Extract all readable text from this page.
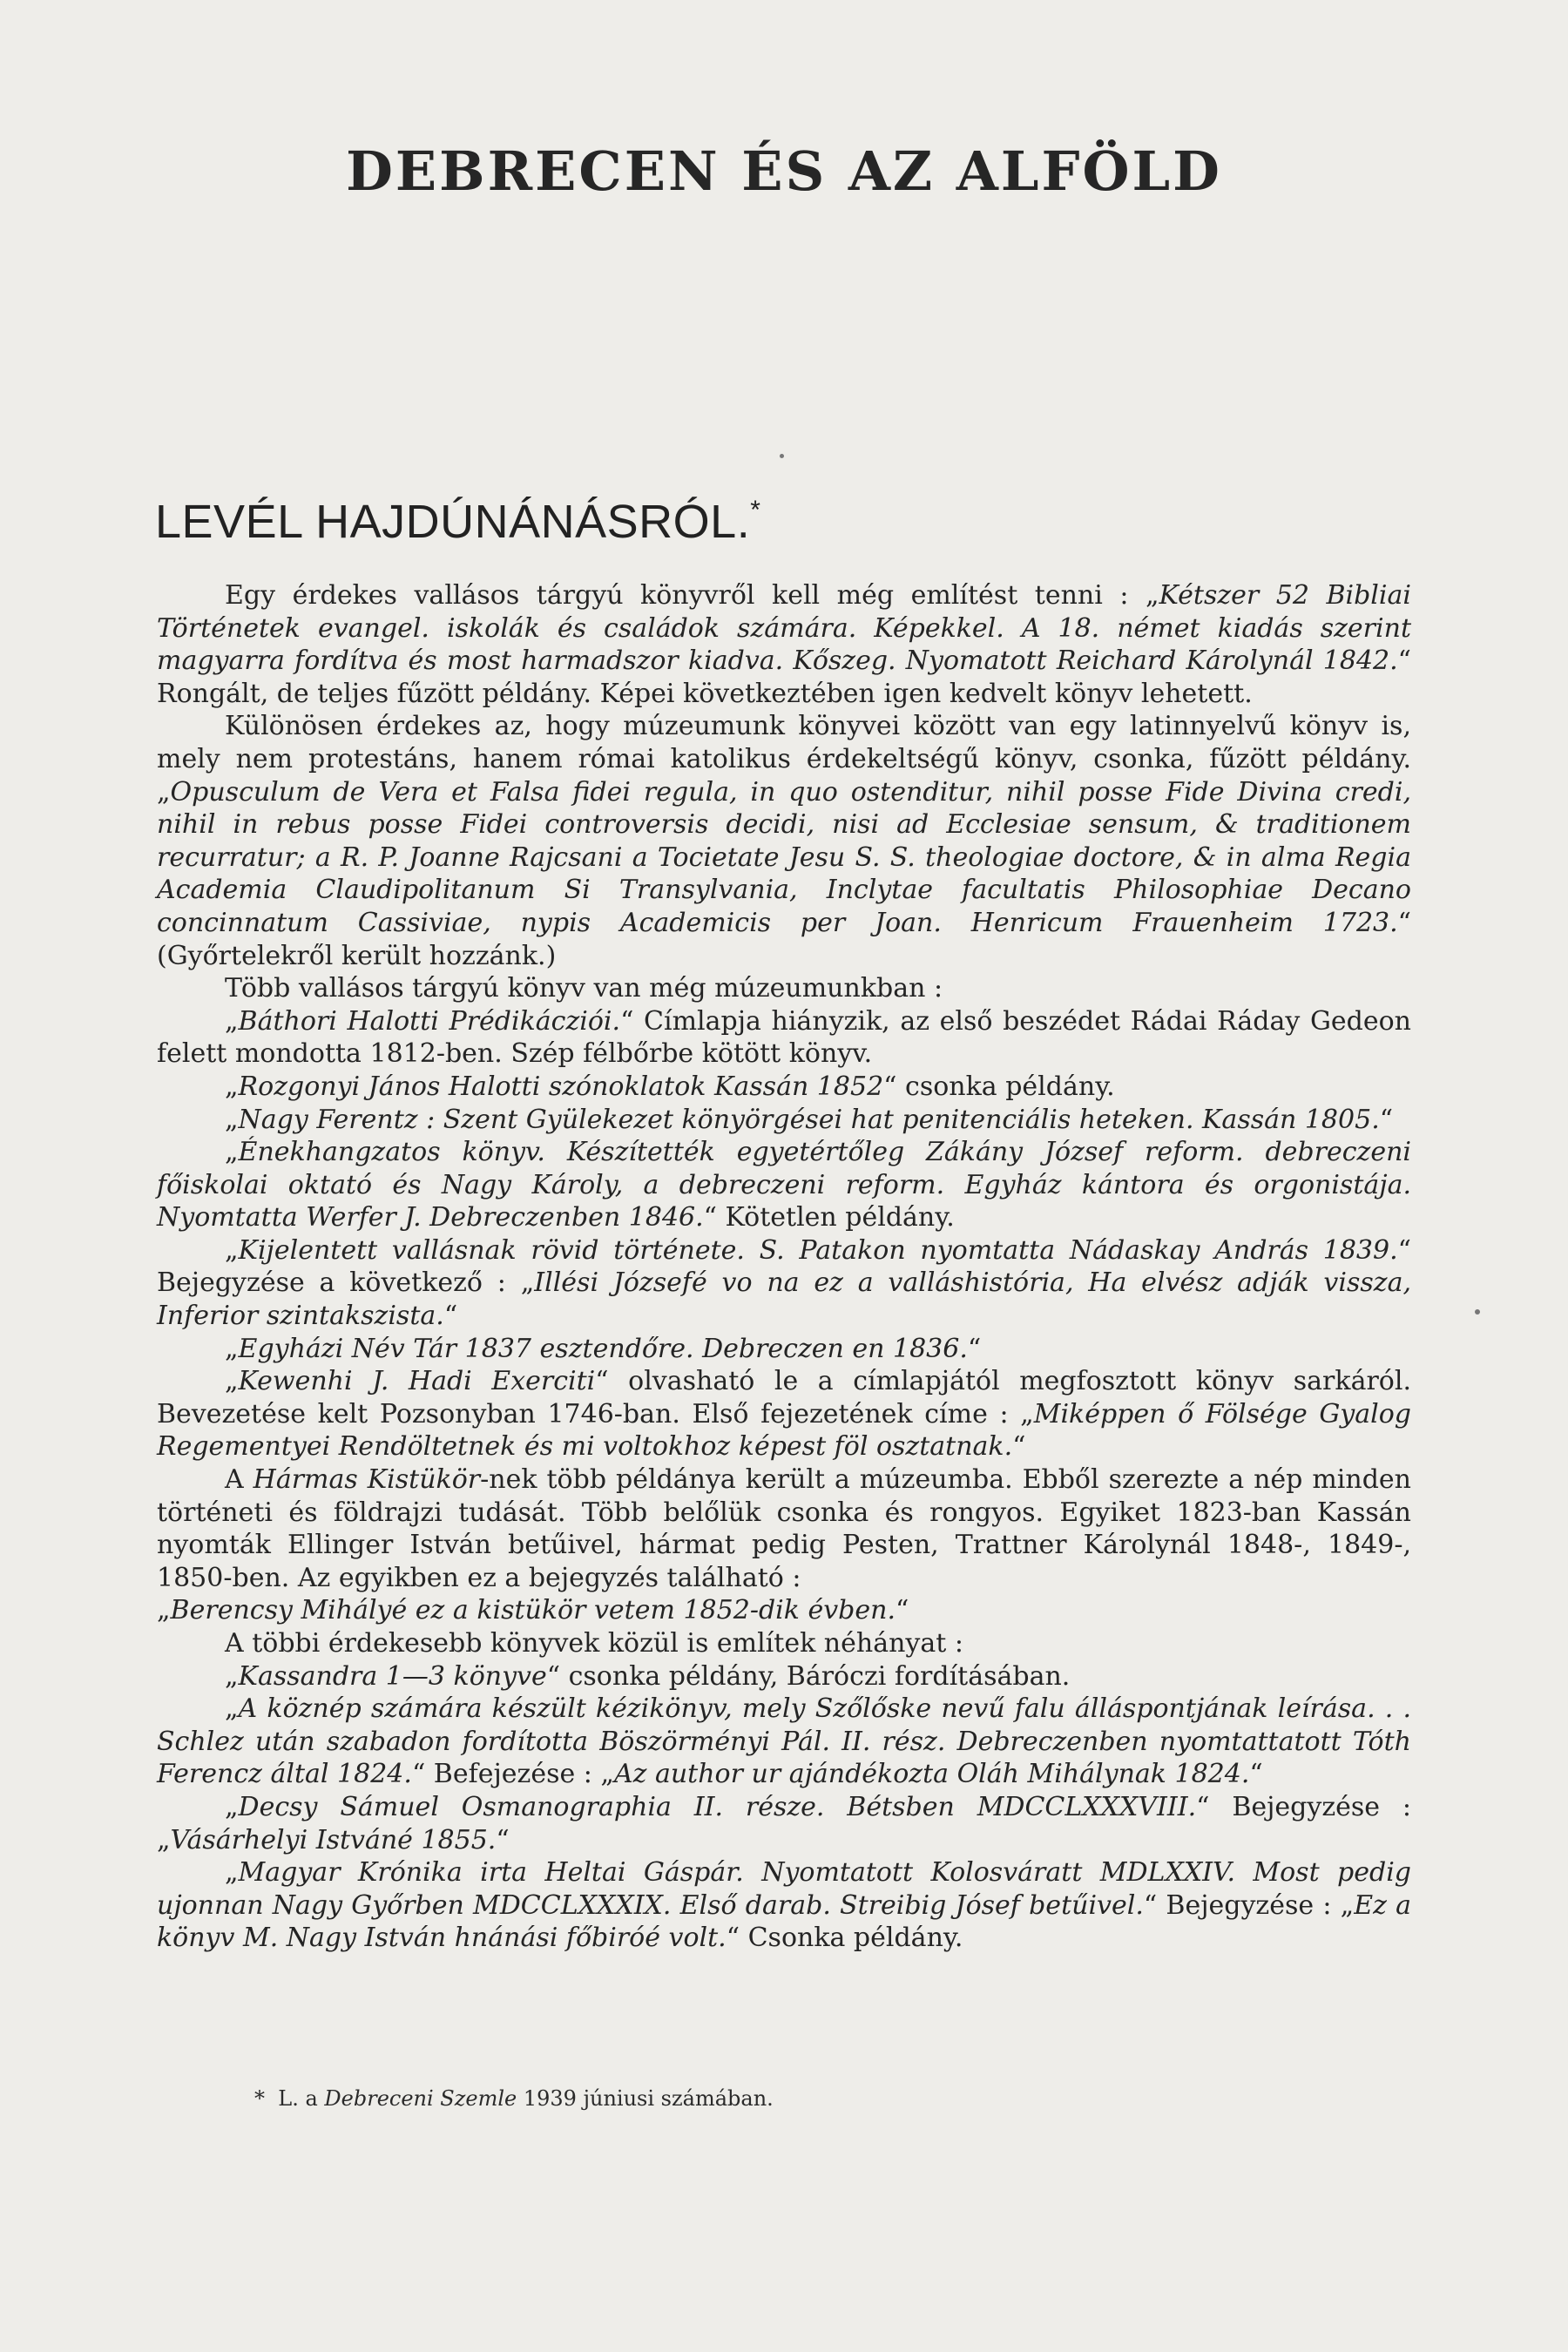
DEBRECEN ÉS AZ ALFÖLD
LEVÉL HAJDÚNÁNÁSRÓL.*

Egy érdekes vallásos tárgyú könyvről kell még említést tenni : „Kétszer 52 Bibliai Történetek evangel. iskolák és családok számára. Képekkel. A 18. német kiadás szerint magyarra fordítva és most harmadszor kiadva. Kőszeg. Nyomatott Reichard Károlynál 1842.“ Rongált, de teljes fűzött példány. Képei következtében igen kedvelt könyv lehetett.

Különösen érdekes az, hogy múzeumunk könyvei között van egy latinnyelvű könyv is, mely nem protestáns, hanem római katolikus érdekeltségű könyv, csonka, fűzött példány. „Opusculum de Vera et Falsa fidei regula, in quo ostenditur, nihil posse Fide Divina credi, nihil in rebus posse Fidei controversis decidi, nisi ad Ecclesiae sensum, & traditionem recurratur; a R. P. Joanne Rajcsani a Tocietate Jesu S. S. theologiae doctore, & in alma Regia Academia Claudipolitanum Si Transylvania, Inclytae facultatis Philosophiae Decano concinnatum Cassiviae, nypis Academicis per Joan. Henricum Frauenheim 1723.“ (Győrtelekről került hozzánk.)

Több vallásos tárgyú könyv van még múzeumunkban :

„Báthori Halotti Prédikácziói.“ Címlapja hiányzik, az első beszédet Rádai Ráday Gedeon felett mondotta 1812-ben. Szép félbőrbe kötött könyv.

„Rozgonyi János Halotti szónoklatok Kassán 1852“ csonka példány.

„Nagy Ferentz : Szent Gyülekezet könyörgései hat penitenciális heteken. Kassán 1805.“

„Énekhangzatos könyv. Készítették egyetértőleg Zákány József reform. debreczeni főiskolai oktató és Nagy Károly, a debreczeni reform. Egyház kántora és orgonistája. Nyomtatta Werfer J. Debreczenben 1846.“ Kötetlen példány.

„Kijelentett vallásnak rövid története. S. Patakon nyomtatta Nádaskay András 1839.“ Bejegyzése a következő : „Illési Józsefé vo na ez a valláshistória, Ha elvész adják vissza, Inferior szintakszista.“

„Egyházi Név Tár 1837 esztendőre. Debreczen en 1836.“

„Kewenhi J. Hadi Exerciti“ olvasható le a címlapjától megfosztott könyv sarkáról. Bevezetése kelt Pozsonyban 1746-ban. Első fejezetének címe : „Miképpen ő Fölsége Gyalog Regementyei Rendöltetnek és mi voltokhoz képest föl osztatnak.“

A Hármas Kistükör-nek több példánya került a múzeumba. Ebből szerezte a nép minden történeti és földrajzi tudását. Több belőlük csonka és rongyos. Egyiket 1823-ban Kassán nyomták Ellinger István betűivel, hármat pedig Pesten, Trattner Károlynál 1848-, 1849-, 1850-ben. Az egyikben ez a bejegyzés található :

„Berencsy Mihályé ez a kistükör vetem 1852-dik évben.“

A többi érdekesebb könyvek közül is említek néhányat :

„Kassandra 1—3 könyve“ csonka példány, Báróczi fordításában.

„A köznép számára készült kézikönyv, mely Szőlőske nevű falu álláspontjának leírása. . . Schlez után szabadon fordította Böszörményi Pál. II. rész. Debreczenben nyomtattatott Tóth Ferencz által 1824.“ Befejezése : „Az author ur ajándékozta Oláh Mihálynak 1824.“

„Decsy Sámuel Osmanographia II. része. Bétsben MDCCLXXXVIII.“ Bejegyzése : „Vásárhelyi Istváné 1855.“

„Magyar Krónika irta Heltai Gáspár. Nyomtatott Kolosváratt MDLXXIV. Most pedig ujonnan Nagy Győrben MDCCLXXXIX. Első darab. Streibig Jósef betűivel.“ Bejegyzése : „Ez a könyv M. Nagy István hnánási főbiróé volt.“ Csonka példány.

* L. a Debreceni Szemle 1939 júniusi számában.
